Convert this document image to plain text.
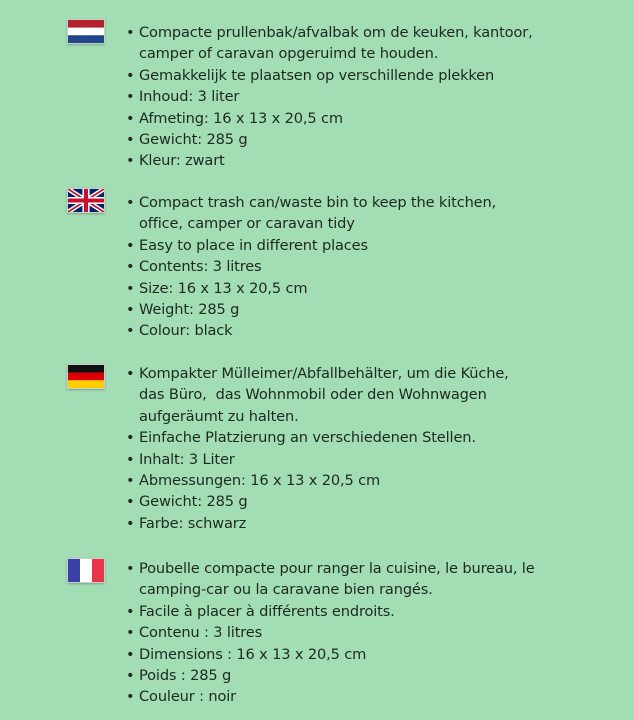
• Compacte prullenbak/afvalbak om de keuken, kantoor,
camper of caravan opgeruimd te houden.
• Gemakkelijk te plaatsen op verschillende plekken
• Inhoud: 3 liter
• Afmeting: 16 x 13 x 20,5 cm
• Gewicht: 285 g
• Kleur: zwart
• Compact trash can/waste bin to keep the kitchen,
office, camper or caravan tidy
• Easy to place in different places
• Contents: 3 litres
• Size: 16 x 13 x 20,5 cm
• Weight: 285 g
• Colour: black
• Kompakter Mülleimer/Abfallbehälter, um die Küche,
das Büro,  das Wohnmobil oder den Wohnwagen
aufgeräumt zu halten.
• Einfache Platzierung an verschiedenen Stellen.
• Inhalt: 3 Liter
• Abmessungen: 16 x 13 x 20,5 cm
• Gewicht: 285 g
• Farbe: schwarz
• Poubelle compacte pour ranger la cuisine, le bureau, le
camping-car ou la caravane bien rangés.
• Facile à placer à différents endroits.
• Contenu : 3 litres
• Dimensions : 16 x 13 x 20,5 cm
• Poids : 285 g
• Couleur : noir
